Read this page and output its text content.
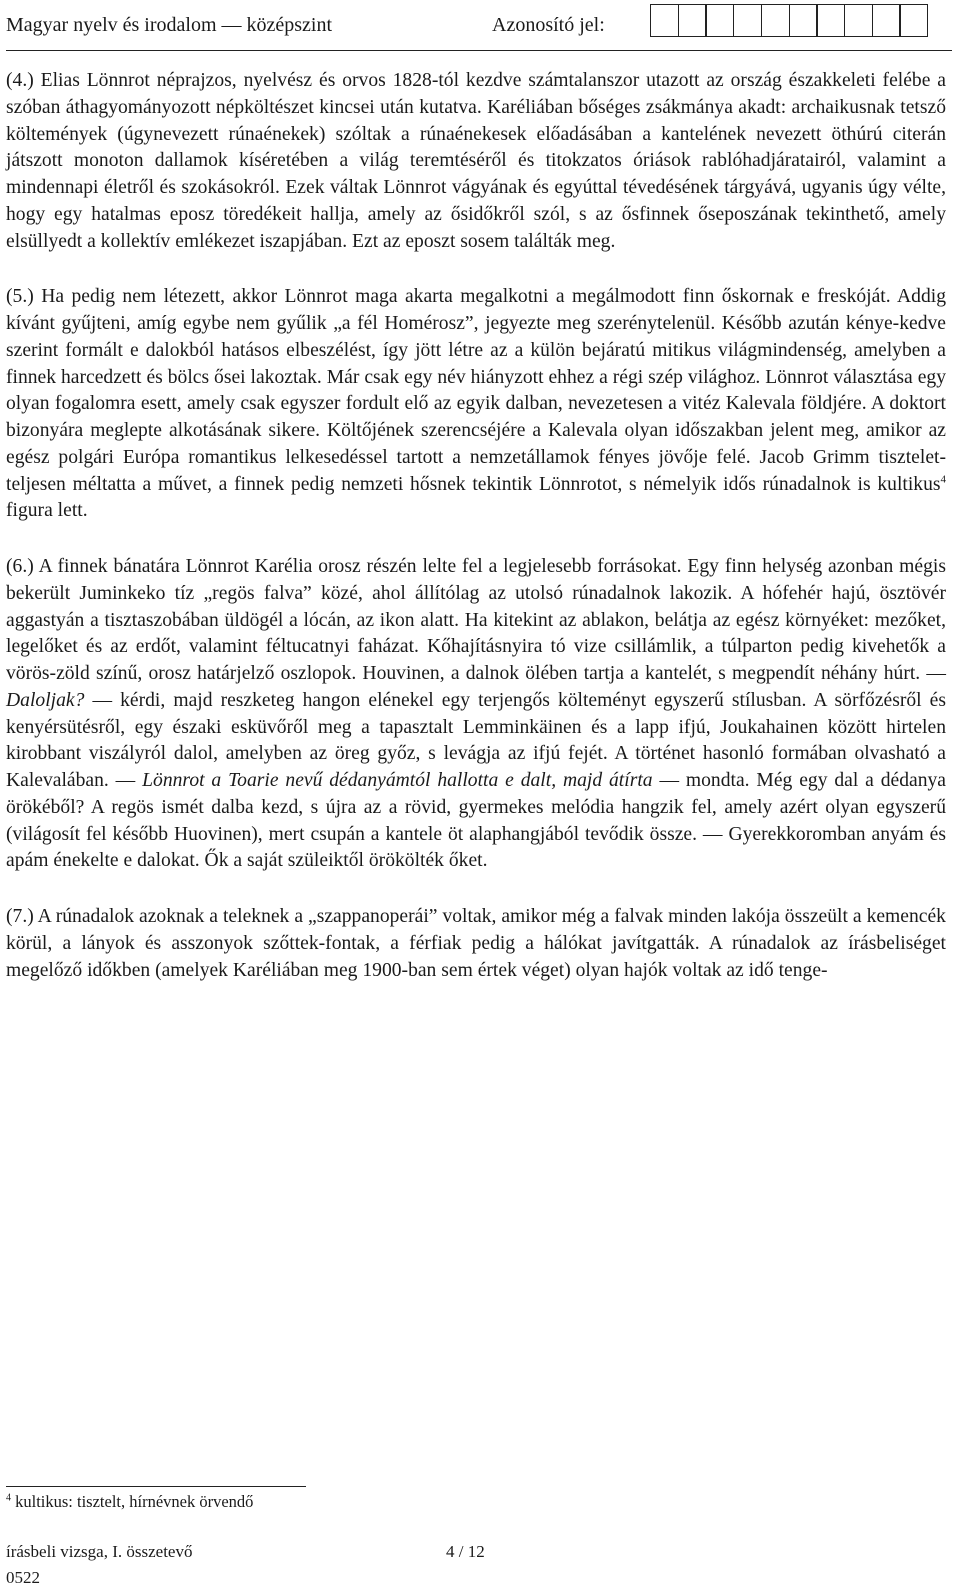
Magyar nyelv és irodalom — középszint	Azonosító jel:

(4.) Elias Lönnrot néprajzos, nyelvész és orvos 1828-tól kezdve számtalanszor utazott az ország északkeleti felébe a szóban áthagyományozott népköltészet kincsei után kutatva. Karéliában bőséges zsákmánya akadt: archaikusnak tetsző költemények (úgynevezett rúnaénekek) szóltak a rúnaénekesek előadásában a kantelének nevezett öthúrú citerán játszott monoton dallamok kíséretében a világ teremtéséről és titokzatos óriások rablóhadjáratairól, valamint a mindennapi életről és szokásokról. Ezek váltak Lönnrot vágyának és egyúttal tévedésének tárgyává, ugyanis úgy vélte, hogy egy hatalmas eposz töredékeit hallja, amely az ősidőkről szól, s az ősfinnek őseposzának tekinthető, amely elsüllyedt a kollektív emlékezet iszapjában. Ezt az eposzt sosem találták meg.

(5.) Ha pedig nem létezett, akkor Lönnrot maga akarta megalkotni a megálmodott finn őskornak e freskóját. Addig kívánt gyűjteni, amíg egybe nem gyűlik „a fél Homérosz”, jegyezte meg szerénytelenül. Később azután kénye-kedve szerint formált e dalokból hatásos elbeszélést, így jött létre az a külön bejáratú mitikus világmindenség, amelyben a finnek harcedzett és bölcs ősei lakoztak. Már csak egy név hiányzott ehhez a régi szép világhoz. Lönnrot választása egy olyan fogalomra esett, amely csak egyszer fordult elő az egyik dalban, nevezetesen a vitéz Kalevala földjére. A doktort bizonyára meglepte alkotásának sikere. Költőjének szerencséjére a Kalevala olyan időszakban jelent meg, amikor az egész polgári Európa romantikus lelkesedéssel tartott a nemzetállamok fényes jövője felé. Jacob Grimm tiszteletteljesen méltatta a művet, a finnek pedig nemzeti hősnek tekintik Lönnrotot, s némelyik idős rúnadalnok is kultikus$^4$ figura lett.

(6.) A finnek bánatára Lönnrot Karélia orosz részén lelte fel a legjelesebb forrásokat. Egy finn helység azonban mégis bekerült Juminkeko tíz „regös falva” közé, ahol állítólag az utolsó rúnadalnok lakozik. A hófehér hajú, ösztövér aggastyán a tisztaszobában üldögél a lócán, az ikon alatt. Ha kitekint az ablakon, belátja az egész környéket: mezőket, legelőket és az erdőt, valamint féltucatnyi faházat. Kőhajításnyira tó vize csillámlik, a túlparton pedig kivehetők a vörös-zöld színű, orosz határjelző oszlopok. Houvinen, a dalnok ölében tartja a kantelét, s megpendít néhány húrt. — Daloljak? — kérdi, majd reszketeg hangon elénekel egy terjengős költeményt egyszerű stílusban. A sörfőzésről és kenyérsütésről, egy északi esküvőről meg a tapasztalt Lemminkäinen és a lapp ifjú, Joukahainen között hirtelen kirobbant viszályról dalol, amelyben az öreg győz, s levágja az ifjú fejét. A történet hasonló formában olvasható a Kalevalában. — Lönnrot a Toarie nevű dédanyámtól hallotta e dalt, majd átírta — mondta. Még egy dal a dédanya örökéből? A regös ismét dalba kezd, s újra az a rövid, gyermekes melódia hangzik fel, amely azért olyan egyszerű (világosít fel később Huovinen), mert csupán a kantele öt alaphangjából tevődik össze. — Gyerekkoromban anyám és apám énekelte e dalokat. Ők a saját szüleiktől örökölték őket.

(7.) A rúnadalok azoknak a teleknek a „szappanoperái” voltak, amikor még a falvak minden lakója összeült a kemencék körül, a lányok és asszonyok szőttek-fontak, a férfiak pedig a hálókat javítgatták. A rúnadalok az írásbeliséget megelőző időkben (amelyek Karéliában meg 1900-ban sem értek véget) olyan hajók voltak az idő tenge-

$^4$ kultikus: tisztelt, hírnévnek örvendő
írásbeli vizsga, I. összetevő	4 / 12
0522
